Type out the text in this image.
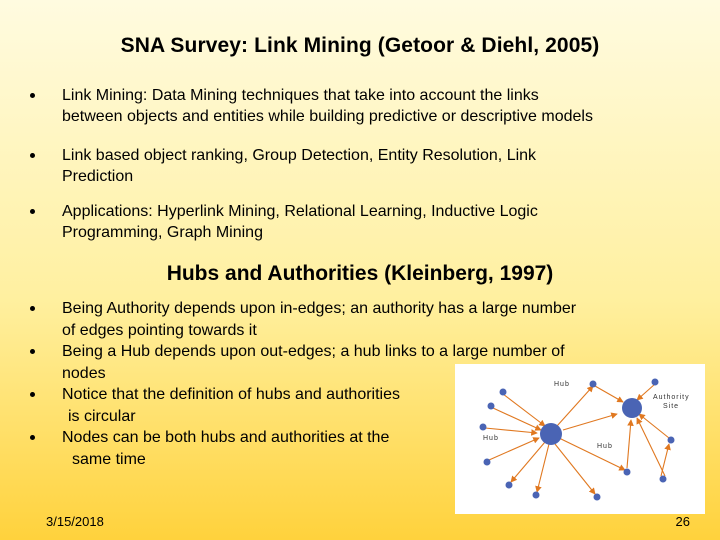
SNA Survey: Link Mining (Getoor & Diehl, 2005)
Link Mining: Data Mining techniques that take into account the links
between objects and entities while building predictive or descriptive models
Link based object ranking, Group Detection, Entity Resolution, Link
Prediction
Applications: Hyperlink Mining, Relational Learning, Inductive Logic
Programming, Graph Mining
Hubs and Authorities (Kleinberg, 1997)
Being Authority depends upon in-edges; an authority has a large number
of edges pointing towards it
Being a Hub depends upon out-edges; a hub links to a large number of
nodes
Notice that the definition of hubs and authorities
is circular
Nodes can be both hubs and authorities at the
same time
Hub
Authority
Site
Hub
Hub
3/15/2018	26
